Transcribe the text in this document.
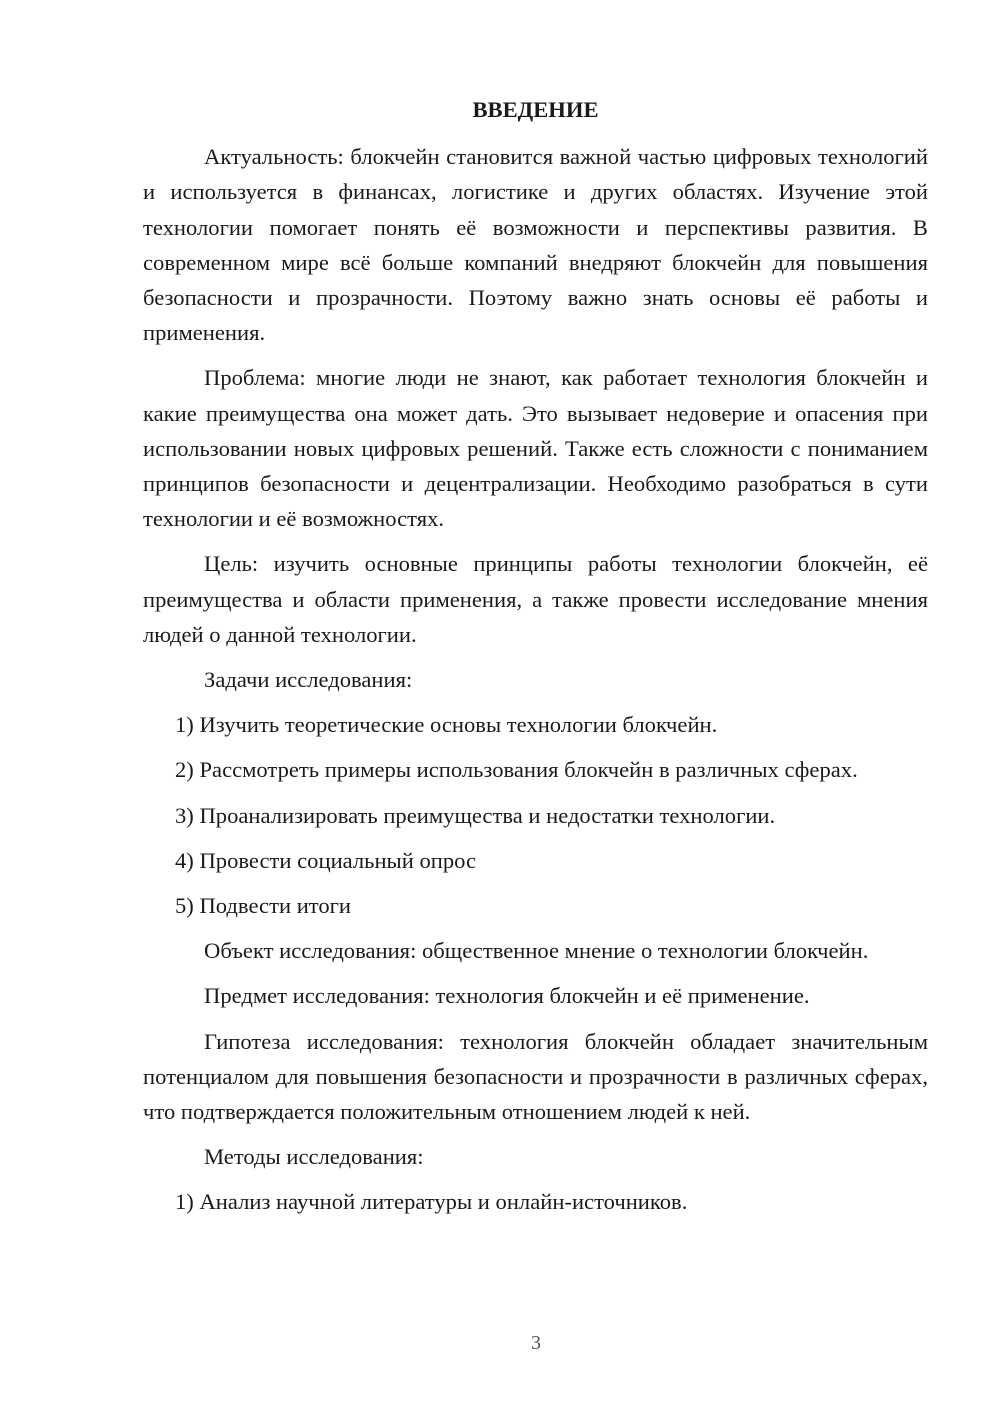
ВВЕДЕНИЕ

Актуальность: блокчейн становится важной частью цифровых технологий и используется в финансах, логистике и других областях. Изучение этой технологии помогает понять её возможности и перспективы развития. В современном мире всё больше компаний внедряют блокчейн для повышения безопасности и прозрачности. Поэтому важно знать основы её работы и применения.

Проблема: многие люди не знают, как работает технология блокчейн и какие преимущества она может дать. Это вызывает недоверие и опасения при использовании новых цифровых решений. Также есть сложности с пониманием принципов безопасности и децентрализации. Необходимо разобраться в сути технологии и её возможностях.

Цель: изучить основные принципы работы технологии блокчейн, её преимущества и области применения, а также провести исследование мнения людей о данной технологии.

Задачи исследования:

1) Изучить теоретические основы технологии блокчейн.

2) Рассмотреть примеры использования блокчейн в различных сферах.

3) Проанализировать преимущества и недостатки технологии.

4) Провести социальный опрос

5) Подвести итоги

Объект исследования: общественное мнение о технологии блокчейн.

Предмет исследования: технология блокчейн и её применение.

Гипотеза исследования: технология блокчейн обладает значительным потенциалом для повышения безопасности и прозрачности в различных сферах, что подтверждается положительным отношением людей к ней.

Методы исследования:

1) Анализ научной литературы и онлайн-источников.

3
